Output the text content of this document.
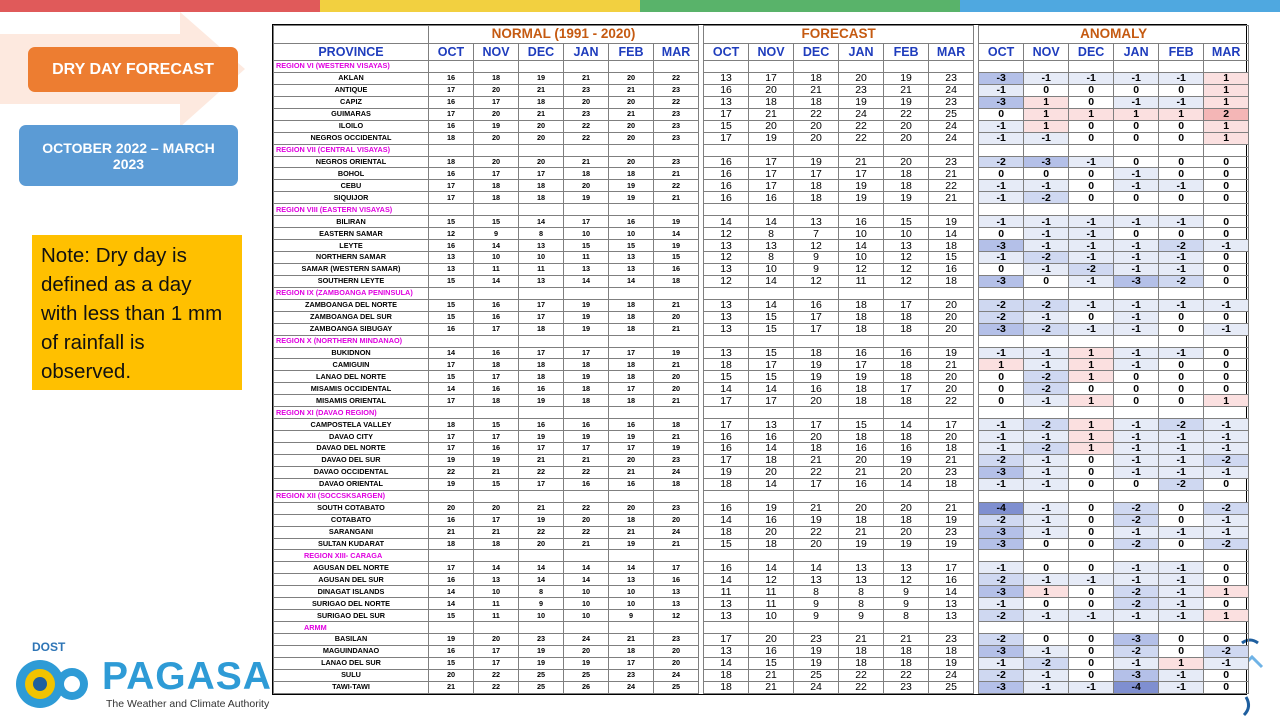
DRY DAY FORECAST
OCTOBER 2022 – MARCH 2023
Note: Dry day is defined as a day with less than 1 mm of rainfall is observed.
DOST
PAGASA
The Weather and Climate Authority
	NORMAL (1991 - 2020)							FORECAST							ANOMALY					
PROVINCE	OCT	NOV	DEC	JAN	FEB	MAR		OCT	NOV	DEC	JAN	FEB	MAR		OCT	NOV	DEC	JAN	FEB	MAR
REGION VI (WESTERN VISAYAS)																				
AKLAN	16	18	19	21	20	22		13	17	18	20	19	23		-3	-1	-1	-1	-1	1
ANTIQUE	17	20	21	23	21	23		16	20	21	23	21	24		-1	0	0	0	0	1
CAPIZ	16	17	18	20	20	22		13	18	18	19	19	23		-3	1	0	-1	-1	1
GUIMARAS	17	20	21	23	21	23		17	21	22	24	22	25		0	1	1	1	1	2
ILOILO	16	19	20	22	20	23		15	20	20	22	20	24		-1	1	0	0	0	1
NEGROS OCCIDENTAL	18	20	20	22	20	23		17	19	20	22	20	24		-1	-1	0	0	0	1
REGION VII (CENTRAL VISAYAS)																				
NEGROS ORIENTAL	18	20	20	21	20	23		16	17	19	21	20	23		-2	-3	-1	0	0	0
BOHOL	16	17	17	18	18	21		16	17	17	17	18	21		0	0	0	-1	0	0
CEBU	17	18	18	20	19	22		16	17	18	19	18	22		-1	-1	0	-1	-1	0
SIQUIJOR	17	18	18	19	19	21		16	16	18	19	19	21		-1	-2	0	0	0	0
REGION VIII (EASTERN VISAYAS)																				
BILIRAN	15	15	14	17	16	19		14	14	13	16	15	19		-1	-1	-1	-1	-1	0
EASTERN SAMAR	12	9	8	10	10	14		12	8	7	10	10	14		0	-1	-1	0	0	0
LEYTE	16	14	13	15	15	19		13	13	12	14	13	18		-3	-1	-1	-1	-2	-1
NORTHERN SAMAR	13	10	10	11	13	15		12	8	9	10	12	15		-1	-2	-1	-1	-1	0
SAMAR (WESTERN SAMAR)	13	11	11	13	13	16		13	10	9	12	12	16		0	-1	-2	-1	-1	0
SOUTHERN LEYTE	15	14	13	14	14	18		12	14	12	11	12	18		-3	0	-1	-3	-2	0
REGION IX (ZAMBOANGA PENINSULA)																				
ZAMBOANGA DEL NORTE	15	16	17	19	18	21		13	14	16	18	17	20		-2	-2	-1	-1	-1	-1
ZAMBOANGA DEL SUR	15	16	17	19	18	20		13	15	17	18	18	20		-2	-1	0	-1	0	0
ZAMBOANGA SIBUGAY	16	17	18	19	18	21		13	15	17	18	18	20		-3	-2	-1	-1	0	-1
REGION X (NORTHERN MINDANAO)																				
BUKIDNON	14	16	17	17	17	19		13	15	18	16	16	19		-1	-1	1	-1	-1	0
CAMIGUIN	17	18	18	18	18	21		18	17	19	17	18	21		1	-1	1	-1	0	0
LANAO DEL NORTE	15	17	18	19	18	20		15	15	19	19	18	20		0	-2	1	0	0	0
MISAMIS OCCIDENTAL	14	16	16	18	17	20		14	14	16	18	17	20		0	-2	0	0	0	0
MISAMIS ORIENTAL	17	18	19	18	18	21		17	17	20	18	18	22		0	-1	1	0	0	1
REGION XI (DAVAO REGION)																				
CAMPOSTELA VALLEY	18	15	16	16	16	18		17	13	17	15	14	17		-1	-2	1	-1	-2	-1
DAVAO CITY	17	17	19	19	19	21		16	16	20	18	18	20		-1	-1	1	-1	-1	-1
DAVAO DEL NORTE	17	16	17	17	17	19		16	14	18	16	16	18		-1	-2	1	-1	-1	-1
DAVAO DEL SUR	19	19	21	21	20	23		17	18	21	20	19	21		-2	-1	0	-1	-1	-2
DAVAO OCCIDENTAL	22	21	22	22	21	24		19	20	22	21	20	23		-3	-1	0	-1	-1	-1
DAVAO ORIENTAL	19	15	17	16	16	18		18	14	17	16	14	18		-1	-1	0	0	-2	0
REGION XII (SOCCSKSARGEN)																				
SOUTH COTABATO	20	20	21	22	20	23		16	19	21	20	20	21		-4	-1	0	-2	0	-2
COTABATO	16	17	19	20	18	20		14	16	19	18	18	19		-2	-1	0	-2	0	-1
SARANGANI	21	21	22	22	21	24		18	20	22	21	20	23		-3	-1	0	-1	-1	-1
SULTAN KUDARAT	18	18	20	21	19	21		15	18	20	19	19	19		-3	0	0	-2	0	-2
REGION XIII- CARAGA																				
AGUSAN DEL NORTE	17	14	14	14	14	17		16	14	14	13	13	17		-1	0	0	-1	-1	0
AGUSAN DEL SUR	16	13	14	14	13	16		14	12	13	13	12	16		-2	-1	-1	-1	-1	0
DINAGAT ISLANDS	14	10	8	10	10	13		11	11	8	8	9	14		-3	1	0	-2	-1	1
SURIGAO DEL NORTE	14	11	9	10	10	13		13	11	9	8	9	13		-1	0	0	-2	-1	0
SURIGAO DEL SUR	15	11	10	10	9	12		13	10	9	9	8	13		-2	-1	-1	-1	-1	1
ARMM																				
BASILAN	19	20	23	24	21	23		17	20	23	21	21	23		-2	0	0	-3	0	0
MAGUINDANAO	16	17	19	20	18	20		13	16	19	18	18	18		-3	-1	0	-2	0	-2
LANAO DEL SUR	15	17	19	19	17	20		14	15	19	18	18	19		-1	-2	0	-1	1	-1
SULU	20	22	25	25	23	24		18	21	25	22	22	24		-2	-1	0	-3	-1	0
TAWI-TAWI	21	22	25	26	24	25		18	21	24	22	23	25		-3	-1	-1	-4	-1	0
